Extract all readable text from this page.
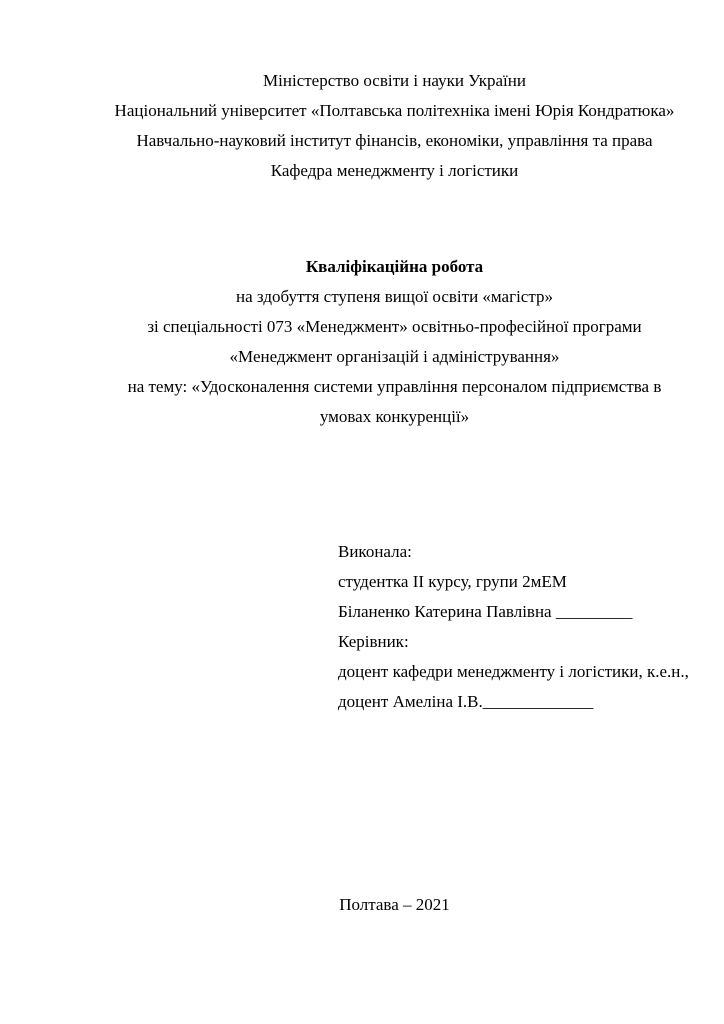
Міністерство освіти і науки України
Національний університет «Полтавська політехніка імені Юрія Кондратюка»
Навчально-науковий інститут фінансів, економіки, управління та права
Кафедра менеджменту і логістики
Кваліфікаційна робота
на здобуття ступеня вищої освіти «магістр»
зі спеціальності 073 «Менеджмент» освітньо-професійної програми
«Менеджмент організацій і адміністрування»
на тему: «Удосконалення системи управління персоналом підприємства в
умовах конкуренції»
Виконала:
студентка ІІ курсу, групи 2мЕМ
Біланенко Катерина Павлівна _________
Керівник:
доцент кафедри менеджменту і логістики, к.е.н.,
доцент Амеліна І.В._____________
Полтава – 2021
